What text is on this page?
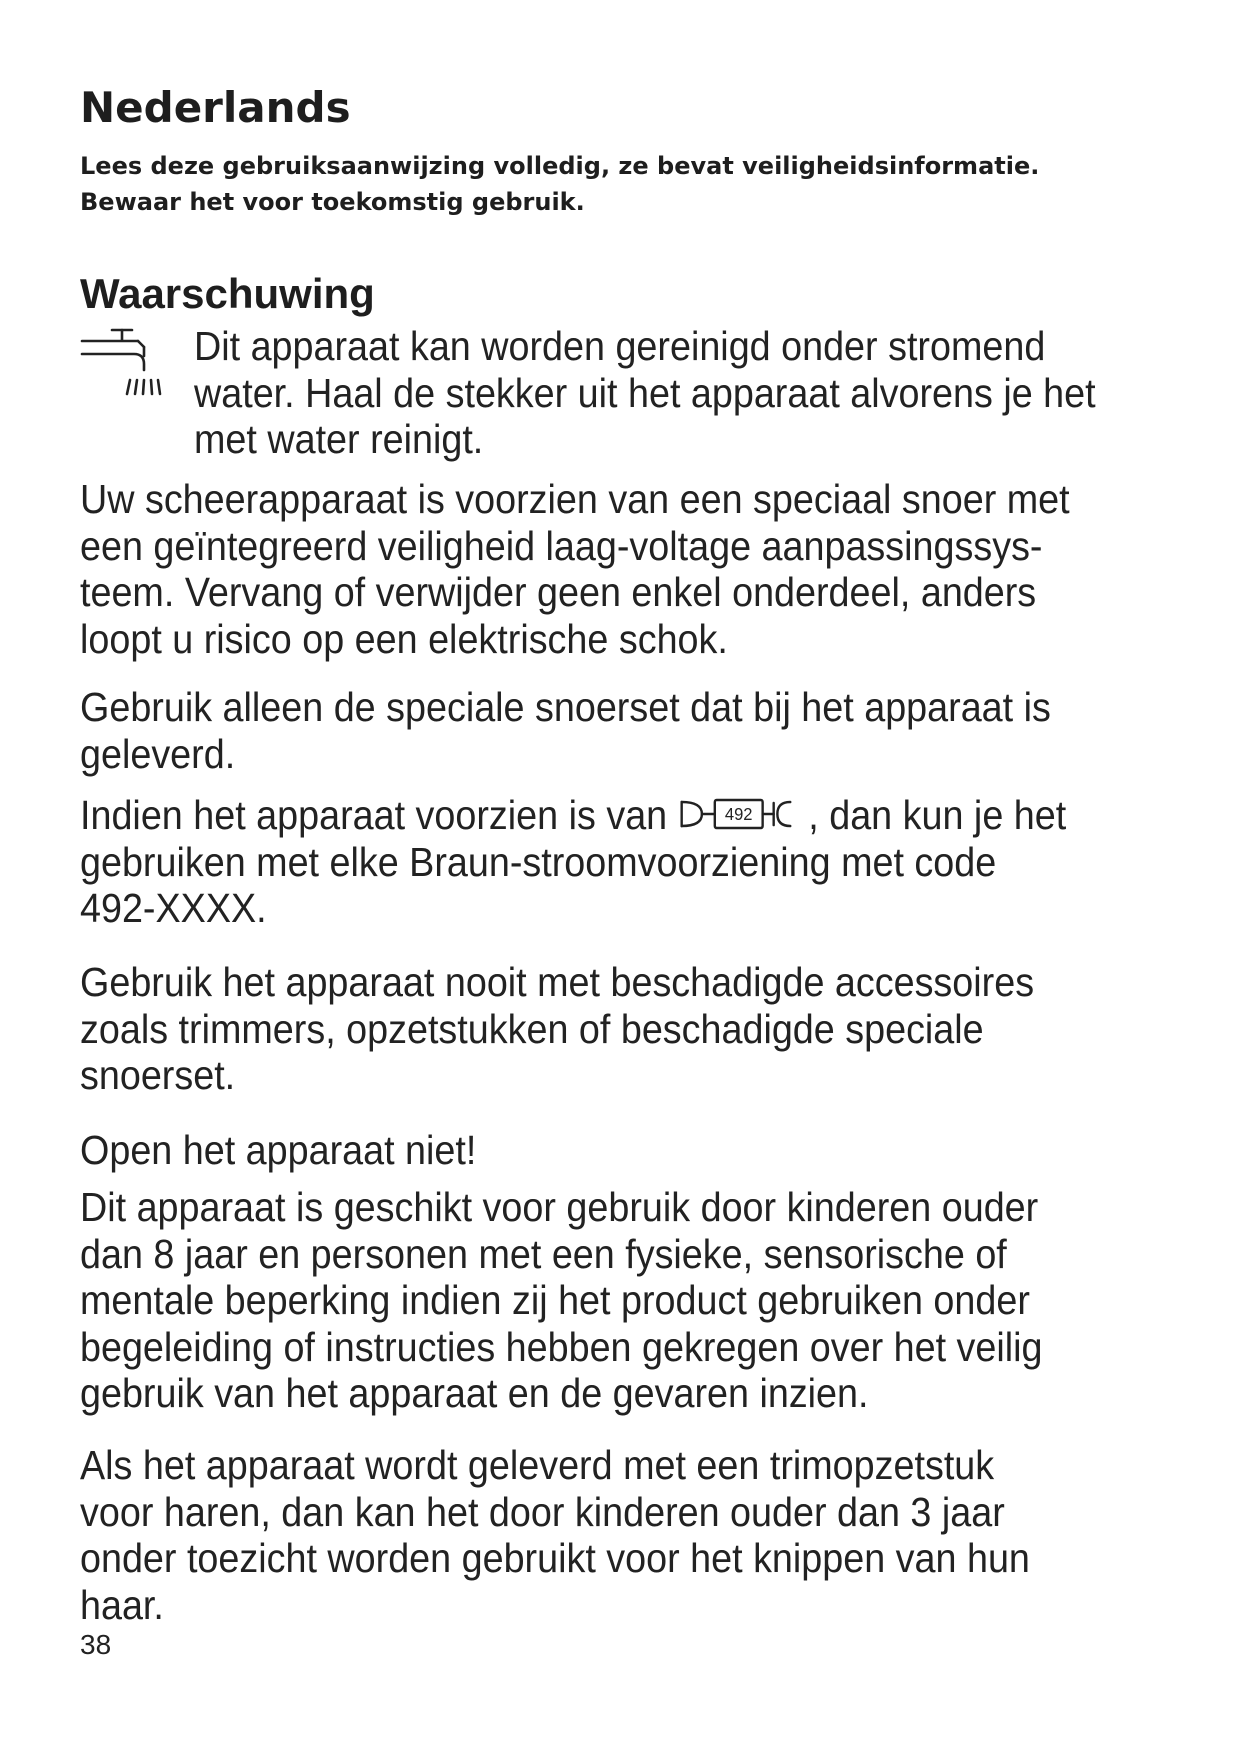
Nederlands
Lees deze gebruiksaanwijzing volledig, ze bevat veiligheidsinformatie.
Bewaar het voor toekomstig gebruik.
Waarschuwing
Dit apparaat kan worden gereinigd onder stromend
water. Haal de stekker uit het apparaat alvorens je het
met water reinigt.
Uw scheerapparaat is voorzien van een speciaal snoer met
een geïntegreerd veiligheid laag-voltage aanpassingssys-
teem. Vervang of verwijder geen enkel onderdeel, anders
loopt u risico op een elektrische schok.
Gebruik alleen de speciale snoerset dat bij het apparaat is
geleverd.
Indien het apparaat voorzien is van	492 , dan kun je het
gebruiken met elke Braun-stroomvoorziening met code
492-XXXX.
Gebruik het apparaat nooit met beschadigde accessoires
zoals trimmers, opzetstukken of beschadigde speciale
snoerset.
Open het apparaat niet!
Dit apparaat is geschikt voor gebruik door kinderen ouder
dan 8 jaar en personen met een fysieke, sensorische of
mentale beperking indien zij het product gebruiken onder
begeleiding of instructies hebben gekregen over het veilig
gebruik van het apparaat en de gevaren inzien.
Als het apparaat wordt geleverd met een trimopzetstuk
voor haren, dan kan het door kinderen ouder dan 3 jaar
onder toezicht worden gebruikt voor het knippen van hun
haar.
38
